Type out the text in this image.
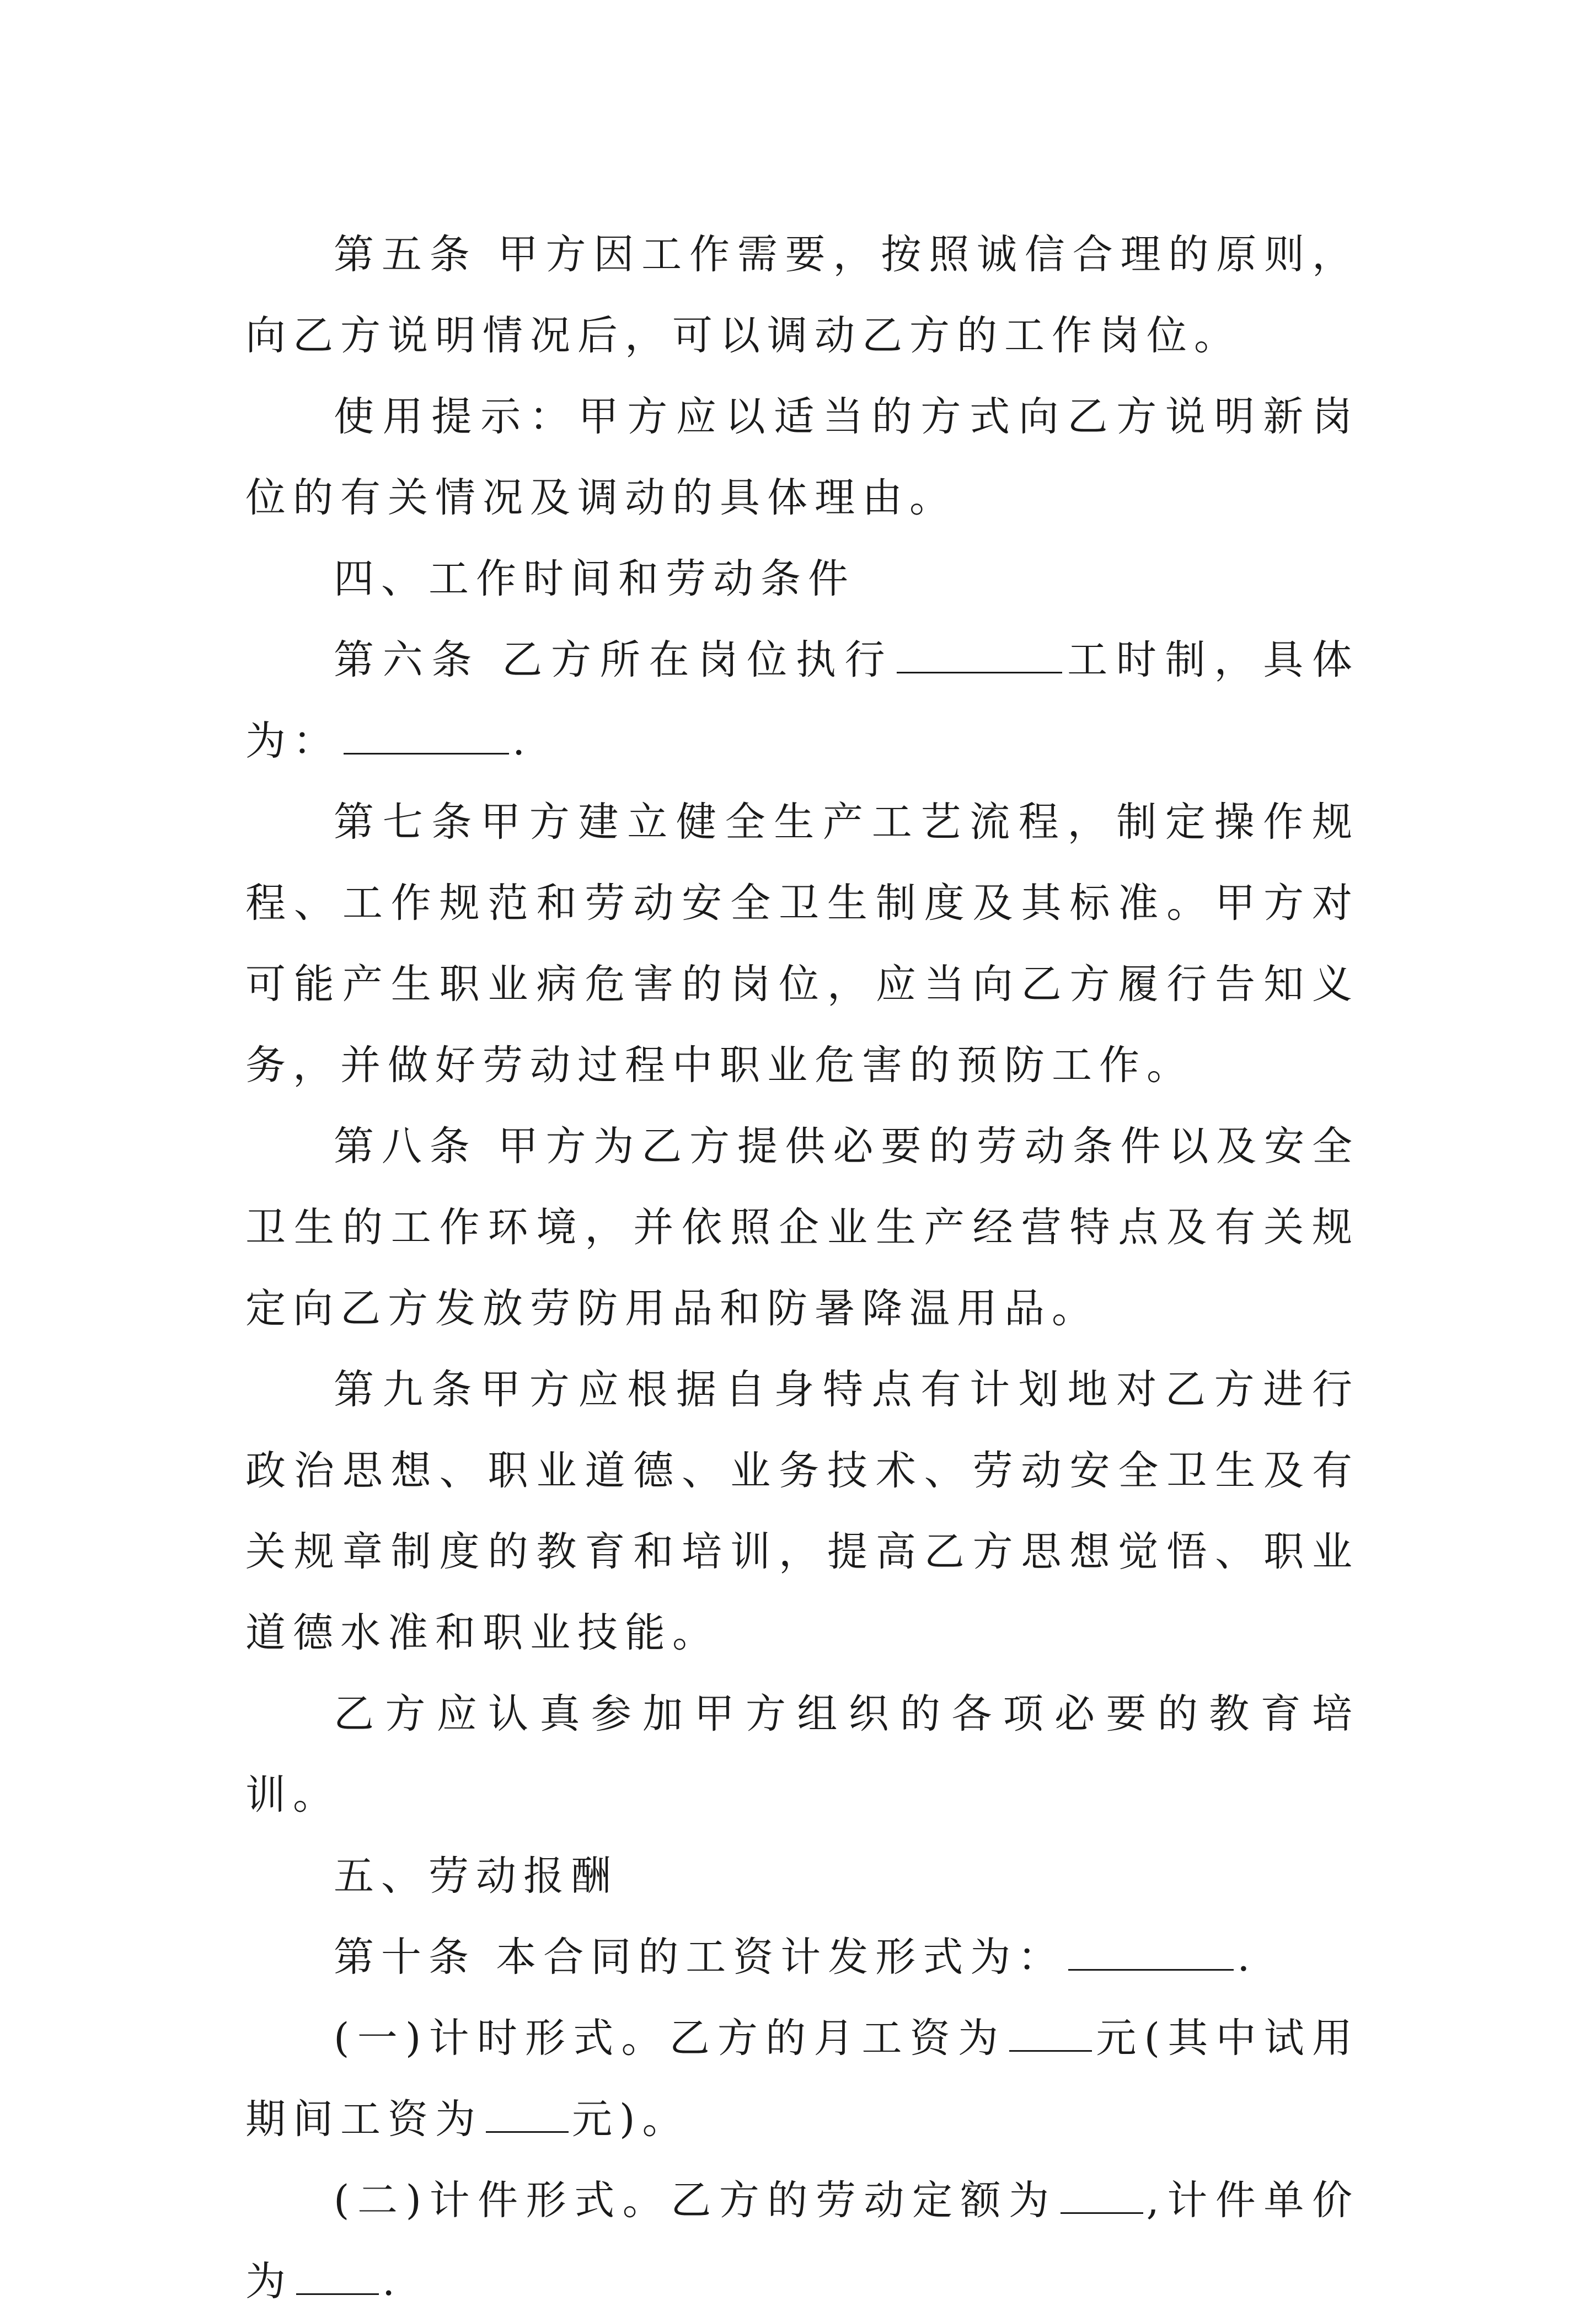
第五条 甲方因工作需要，按照诚信合理的原则，向乙方说明情况后，可以调动乙方的工作岗位。

使用提示：甲方应以适当的方式向乙方说明新岗位的有关情况及调动的具体理由。

四、工作时间和劳动条件

第六条 乙方所在岗位执行	工时制，具体为：	.

第七条甲方建立健全生产工艺流程，制定操作规程、工作规范和劳动安全卫生制度及其标准。甲方对可能产生职业病危害的岗位，应当向乙方履行告知义务，并做好劳动过程中职业危害的预防工作。

第八条 甲方为乙方提供必要的劳动条件以及安全卫生的工作环境，并依照企业生产经营特点及有关规定向乙方发放劳防用品和防暑降温用品。

第九条甲方应根据自身特点有计划地对乙方进行政治思想、职业道德、业务技术、劳动安全卫生及有关规章制度的教育和培训，提高乙方思想觉悟、职业道德水准和职业技能。

乙方应认真参加甲方组织的各项必要的教育培训。

五、劳动报酬

第十条 本合同的工资计发形式为：	.

(一)计时形式。乙方的月工资为 元(其中试用期间工资为 元)。

(二)计件形式。乙方的劳动定额为 ,计件单价为 .
